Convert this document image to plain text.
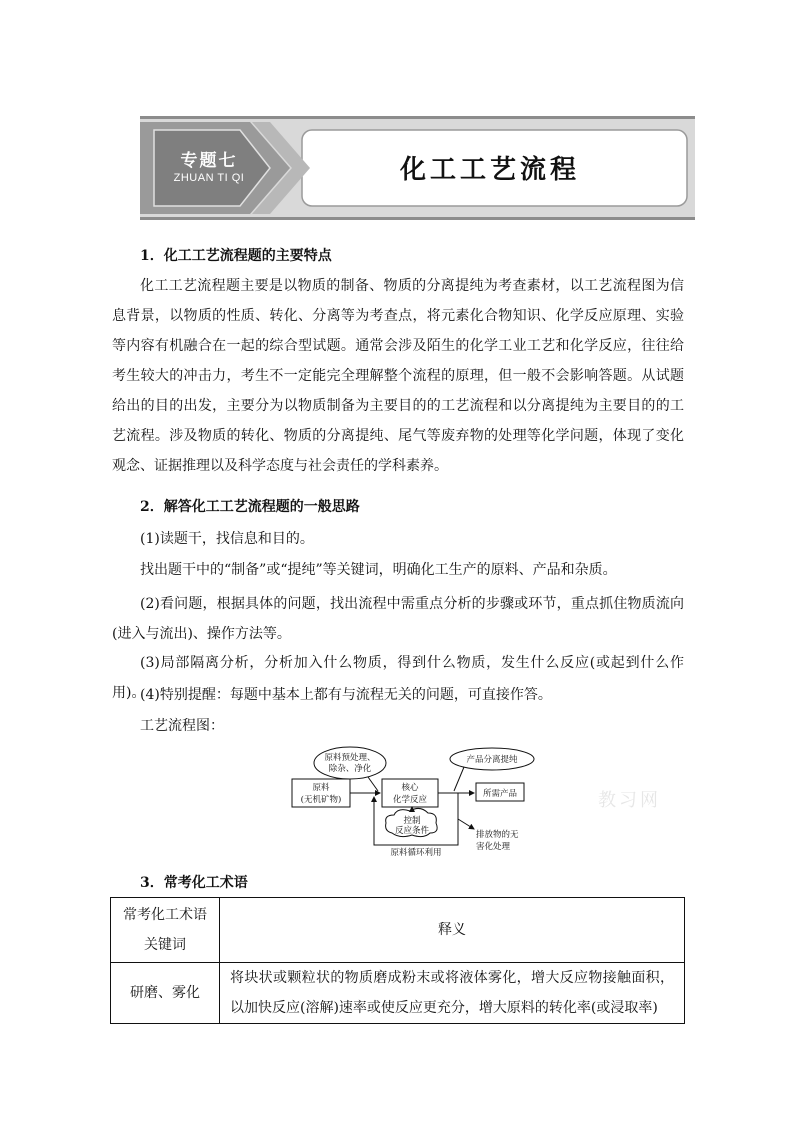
专题七
ZHUAN TI QI	化工工艺流程
1．化工工艺流程题的主要特点
化工工艺流程题主要是以物质的制备、物质的分离提纯为考查素材，以工艺流程图为信息背景，以物质的性质、转化、分离等为考查点，将元素化合物知识、化学反应原理、实验等内容有机融合在一起的综合型试题。通常会涉及陌生的化学工业工艺和化学反应，往往给考生较大的冲击力，考生不一定能完全理解整个流程的原理，但一般不会影响答题。从试题给出的目的出发，主要分为以物质制备为主要目的的工艺流程和以分离提纯为主要目的的工艺流程。涉及物质的转化、物质的分离提纯、尾气等废弃物的处理等化学问题，体现了变化观念、证据推理以及科学态度与社会责任的学科素养。
2．解答化工工艺流程题的一般思路
(1)读题干，找信息和目的。
找出题干中的“制备”或“提纯”等关键词，明确化工生产的原料、产品和杂质。
(2)看问题，根据具体的问题，找出流程中需重点分析的步骤或环节，重点抓住物质流向(进入与流出)、操作方法等。
(3)局部隔离分析，分析加入什么物质，得到什么物质，发生什么反应(或起到什么作用)。
(4)特别提醒：每题中基本上都有与流程无关的问题，可直接作答。
工艺流程图：
原料预处理、
除杂、净化
原料
(无机矿物)
核心
化学反应
产品分离提纯
所需产品
原料循环利用
控制
反应条件	排放物的无
害化处理
教习网
3．常考化工术语
常考化工术语
关键词	释义
研磨、雾化	将块状或颗粒状的物质磨成粉末或将液体雾化，增大反应物接触面积，以加快反应(溶解)速率或使反应更充分，增大原料的转化率(或浸取率)
